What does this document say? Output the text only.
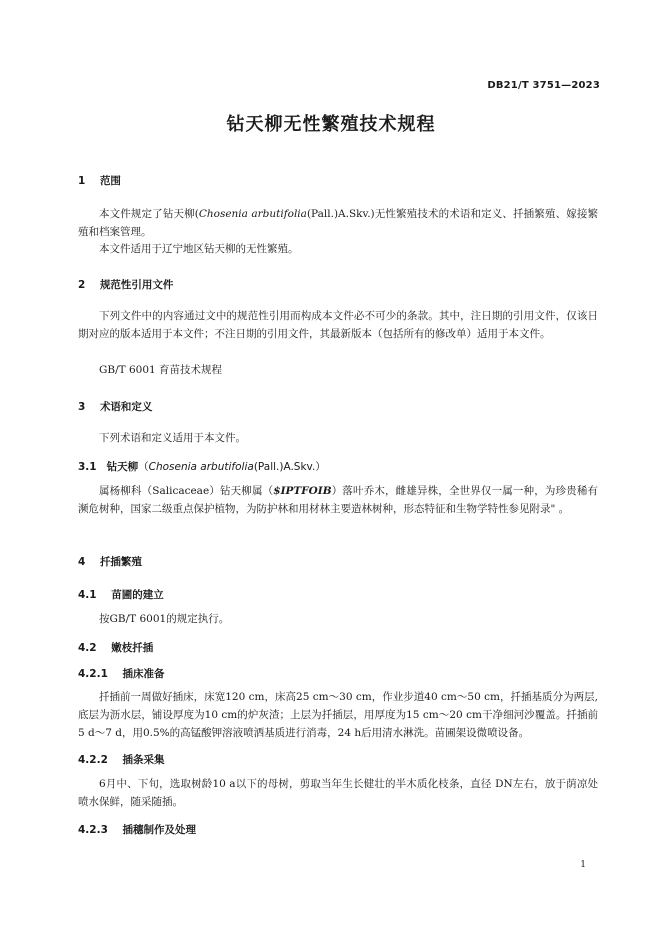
DB21/T 3751—2023
钻天柳无性繁殖技术规程
1 范围
本文件规定了钻天柳(Chosenia arbutifolia(Pall.)A.Skv.)无性繁殖技术的术语和定义、扦插繁殖、嫁接繁殖和档案管理。
本文件适用于辽宁地区钻天柳的无性繁殖。
2 规范性引用文件
下列文件中的内容通过文中的规范性引用而构成本文件必不可少的条款。其中，注日期的引用文件，仅该日期对应的版本适用于本文件；不注日期的引用文件，其最新版本（包括所有的修改单）适用于本文件。
GB/T 6001 育苗技术规程
3 术语和定义
下列术语和定义适用于本文件。
3.1 钻天柳（Chosenia arbutifolia(Pall.)A.Skv.）
属杨柳科（Salicaceae）钻天柳属（$IPTFOIB）落叶乔木，雌雄异株，全世界仅一属一种，为珍贵稀有濒危树种，国家二级重点保护植物，为防护林和用材林主要造林树种，形态特征和生物学特性参见附录" 。
4 扦插繁殖
4.1 苗圃的建立
按GB/T 6001的规定执行。
4.2 嫩枝扦插
4.2.1 插床准备
扦插前一周做好插床，床宽120 cm，床高25 cm～30 cm，作业步道40 cm～50 cm，扦插基质分为两层,底层为沥水层，铺设厚度为10 cm的炉灰渣；上层为扦插层，用厚度为15 cm～20 cm干净细河沙覆盖。扦插前5 d～7 d，用0.5%的高锰酸钾溶液喷洒基质进行消毒，24 h后用清水淋洗。苗圃架设微喷设备。
4.2.2 插条采集
6月中、下旬，选取树龄10 a以下的母树，剪取当年生长健壮的半木质化枝条，直径 DN左右，放于荫凉处喷水保鲜，随采随插。
4.2.3 插穗制作及处理
1
